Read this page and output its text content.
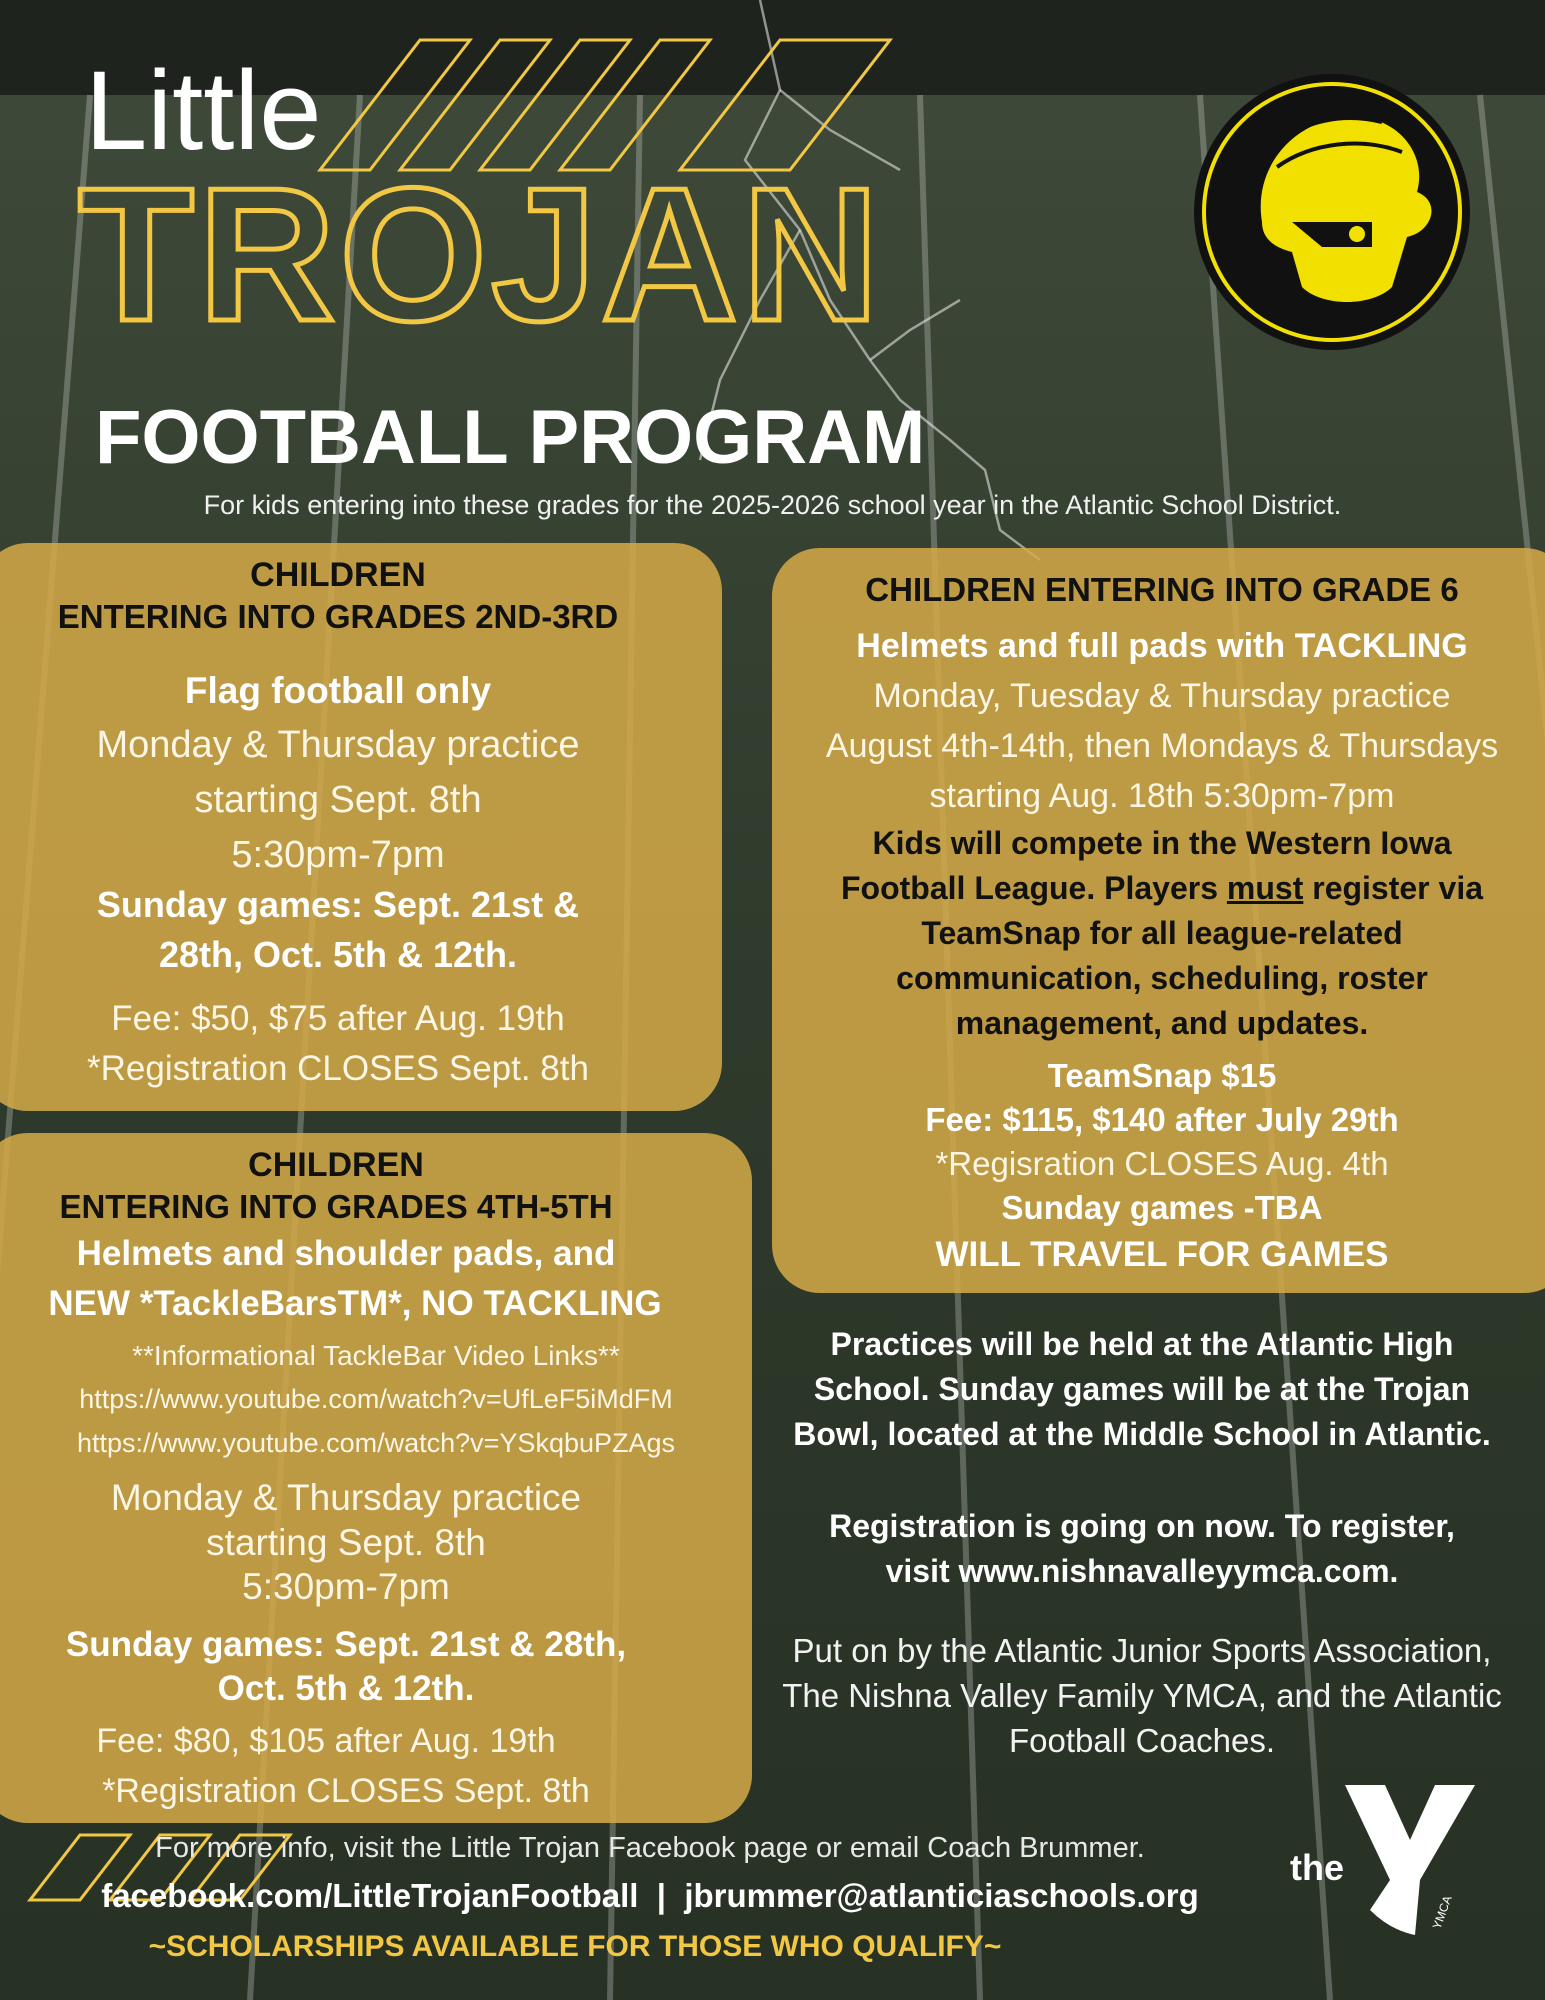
Little
TROJAN
FOOTBALL PROGRAM
For kids entering into these grades for the 2025-2026 school year in the Atlantic School District.
CHILDREN
ENTERING INTO GRADES 2ND-3RD
Flag football only
Monday & Thursday practice
starting Sept. 8th
5:30pm-7pm
Sunday games: Sept. 21st &
28th, Oct. 5th & 12th.
Fee: $50, $75 after Aug. 19th
*Registration CLOSES Sept. 8th
CHILDREN
ENTERING INTO GRADES 4TH-5TH
Helmets and shoulder pads, and
NEW *TackleBarsTM*, NO TACKLING
**Informational TackleBar Video Links**
https://www.youtube.com/watch?v=UfLeF5iMdFM
https://www.youtube.com/watch?v=YSkqbuPZAgs
Monday & Thursday practice
starting Sept. 8th
5:30pm-7pm
Sunday games: Sept. 21st & 28th,
Oct. 5th & 12th.
Fee: $80, $105 after Aug. 19th
*Registration CLOSES Sept. 8th
CHILDREN ENTERING INTO GRADE 6
Helmets and full pads with TACKLING
Monday, Tuesday & Thursday practice
August 4th-14th, then Mondays & Thursdays
starting Aug. 18th 5:30pm-7pm
Kids will compete in the Western Iowa
Football League. Players must register via
TeamSnap for all league-related
communication, scheduling, roster
management, and updates.
TeamSnap $15
Fee: $115, $140 after July 29th
*Regisration CLOSES Aug. 4th
Sunday games -TBA
WILL TRAVEL FOR GAMES
Practices will be held at the Atlantic High
School. Sunday games will be at the Trojan
Bowl, located at the Middle School in Atlantic.
Registration is going on now. To register,
visit www.nishnavalleyymca.com.
Put on by the Atlantic Junior Sports Association,
The Nishna Valley Family YMCA, and the Atlantic
Football Coaches.
the
YMCA
For more info, visit the Little Trojan Facebook page or email Coach Brummer.
facebook.com/LittleTrojanFootball  |  jbrummer@atlanticiaschools.org
~SCHOLARSHIPS AVAILABLE FOR THOSE WHO QUALIFY~
